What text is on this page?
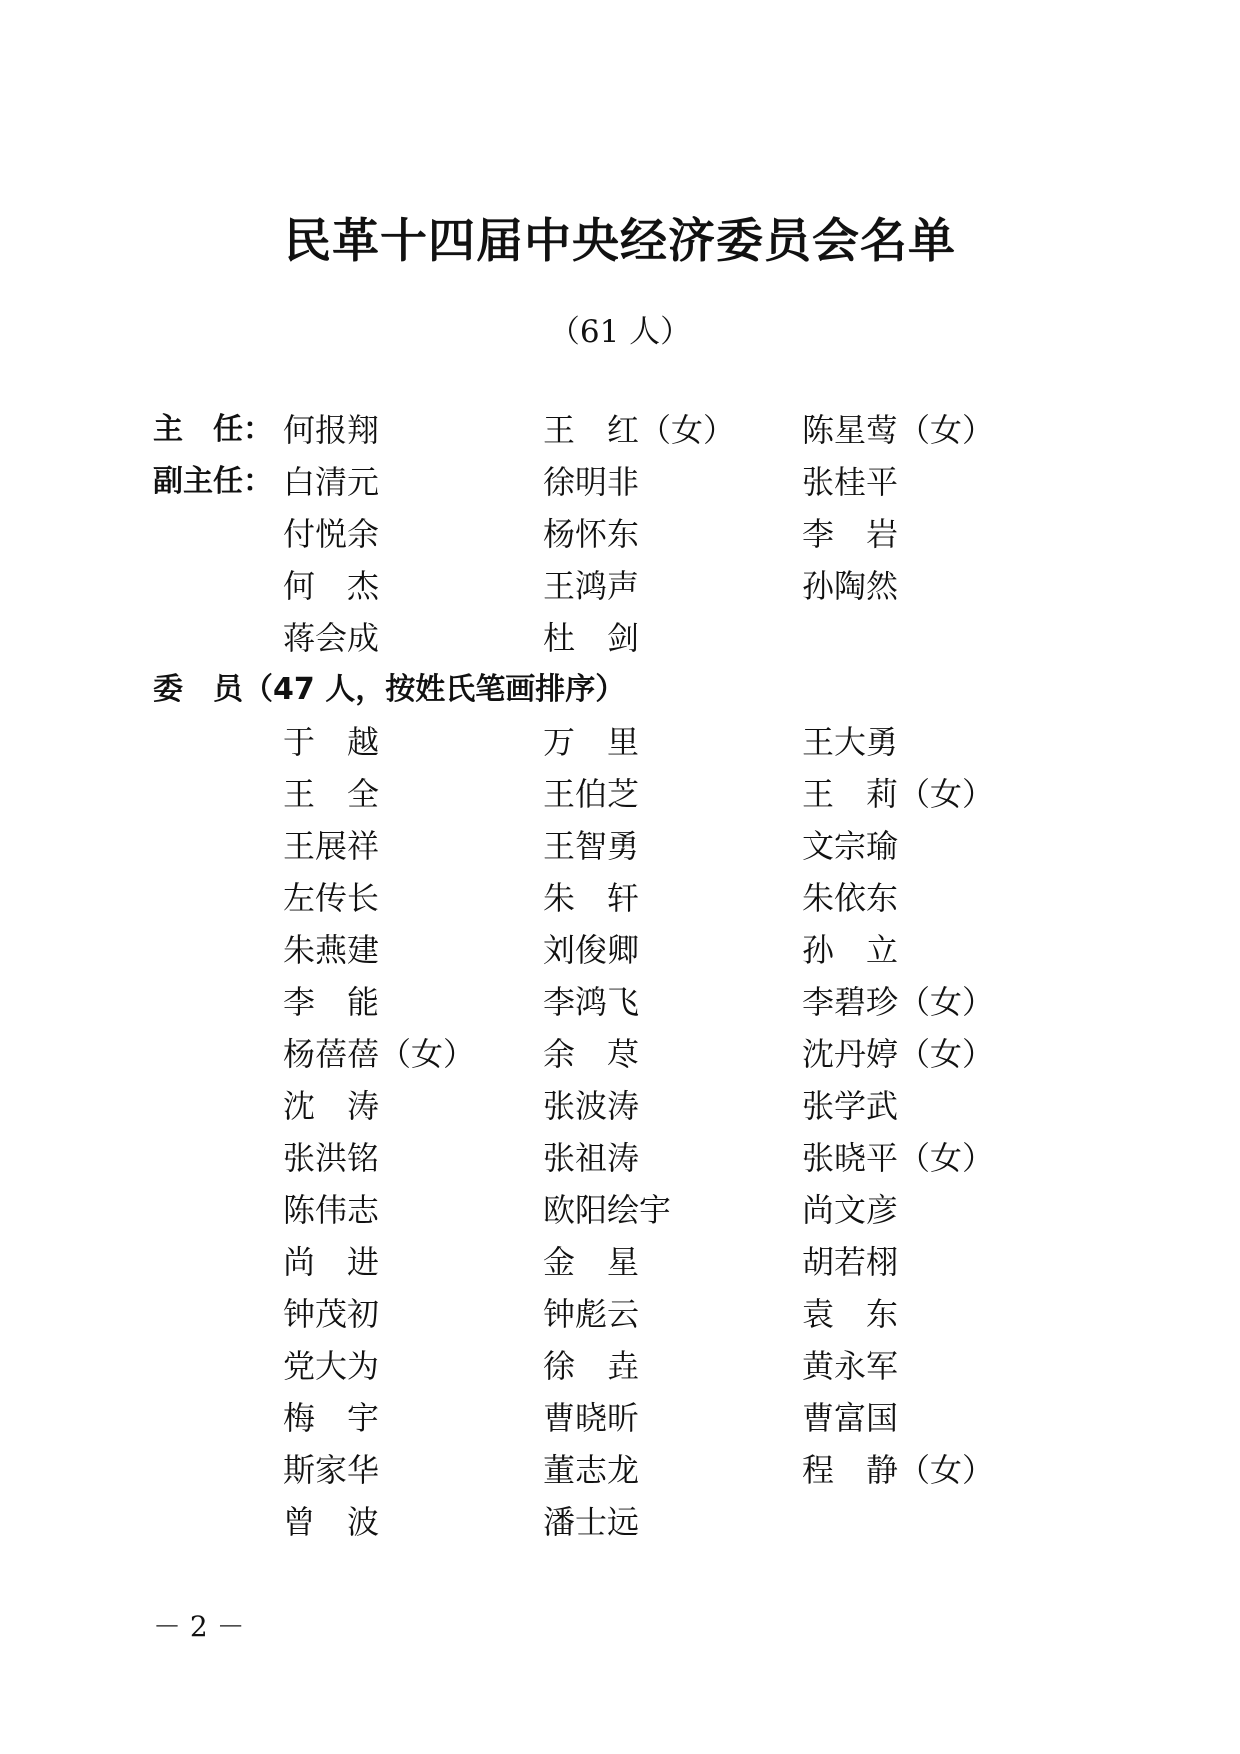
民革十四届中央经济委员会名单
（61 人）
主　任： 何报翔	王　红（女） 陈星莺（女）
副主任： 白清元	徐明非	张桂平
付悦余	杨怀东	李　岩
何　杰	王鸿声	孙陶然
蒋会成	杜　剑
委　员（47 人，按姓氏笔画排序）
于　越	万　里	王大勇
王　全	王伯芝	王　莉（女）
王展祥	王智勇	文宗瑜
左传长	朱　轩	朱依东
朱燕建	刘俊卿	孙　立
李　能	李鸿飞	李碧珍（女）
杨蓓蓓（女） 余　荩	沈丹婷（女）
沈　涛	张波涛	张学武
张洪铭	张祖涛	张晓平（女）
陈伟志	欧阳绘宇	尚文彦
尚　进	金　星	胡若栩
钟茂初	钟彪云	袁　东
党大为	徐　垚	黄永军
梅　宇	曹晓昕	曹富国
斯家华	董志龙	程　静（女）
曾　波	潘士远
－ 2 －
